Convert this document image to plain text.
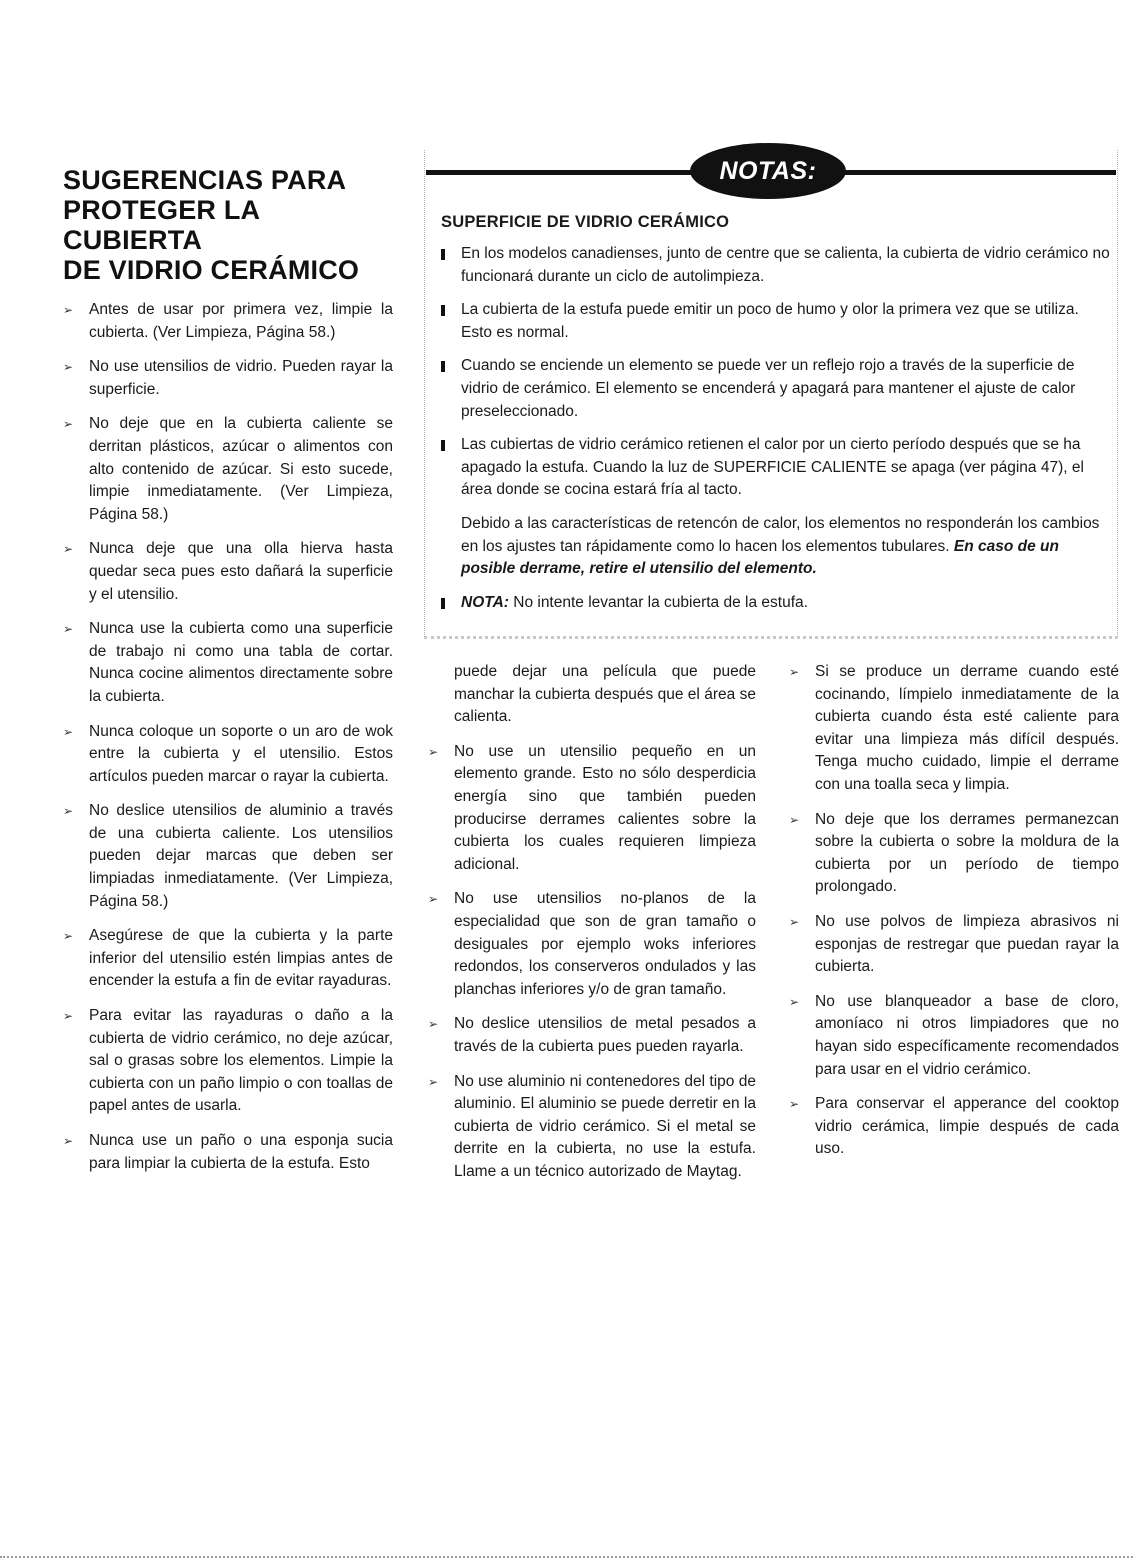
SUGERENCIAS PARA
PROTEGER LA CUBIERTA
DE VIDRIO CERÁMICO
➢ Antes de usar por primera vez, limpie la cubierta. (Ver Limpieza, Página 58.)
➢ No use utensilios de vidrio. Pueden rayar la superficie.
➢ No deje que en la cubierta caliente se derritan plásticos, azúcar o alimentos con alto contenido de azúcar. Si esto sucede, limpie inmediatamente. (Ver Limpieza, Página 58.)
➢ Nunca deje que una olla hierva hasta quedar seca pues esto dañará la superficie y el utensilio.
➢ Nunca use la cubierta como una superficie de trabajo ni como una tabla de cortar. Nunca cocine alimentos directamente sobre la cubierta.
➢ Nunca coloque un soporte o un aro de wok entre la cubierta y el utensilio. Estos artículos pueden marcar o rayar la cubierta.
➢ No deslice utensilios de aluminio a través de una cubierta caliente. Los utensilios pueden dejar marcas que deben ser limpiadas inmediatamente. (Ver Limpieza, Página 58.)
➢ Asegúrese de que la cubierta y la parte inferior del utensilio estén limpias antes de encender la estufa a fin de evitar rayaduras.
➢ Para evitar las rayaduras o daño a la cubierta de vidrio cerámico, no deje azúcar, sal o grasas sobre los elementos. Limpie la cubierta con un paño limpio o con toallas de papel antes de usarla.
➢ Nunca use un paño o una esponja sucia para limpiar la cubierta de la estufa. Esto
NOTAS:
SUPERFICIE DE VIDRIO CERÁMICO
En los modelos canadienses, junto de centre que se calienta, la cubierta de vidrio cerámico no funcionará durante un ciclo de autolimpieza.
La cubierta de la estufa puede emitir un poco de humo y olor la primera vez que se utiliza. Esto es normal.
Cuando se enciende un elemento se puede ver un reflejo rojo a través de la superficie de vidrio de cerámico. El elemento se encenderá y apagará para mantener el ajuste de calor preseleccionado.
Las cubiertas de vidrio cerámico retienen el calor por un cierto período después que se ha apagado la estufa. Cuando la luz de SUPERFICIE CALIENTE se apaga (ver página 47), el área donde se cocina estará fría al tacto.
Debido a las características de retencón de calor, los elementos no responderán los cambios en los ajustes tan rápidamente como lo hacen los elementos tubulares. En caso de un posible derrame, retire el utensilio del elemento.
NOTA: No intente levantar la cubierta de la estufa.
puede dejar una película que puede manchar la cubierta después que el área se calienta.
➢ No use un utensilio pequeño en un elemento grande. Esto no sólo desperdicia energía sino que también pueden producirse derrames calientes sobre la cubierta los cuales requieren limpieza adicional.
➢ No use utensilios no-planos de la especialidad que son de gran tamaño o desiguales por ejemplo woks inferiores redondos, los conserveros ondulados y las planchas inferiores y/o de gran tamaño.
➢ No deslice utensilios de metal pesados a través de la cubierta pues pueden rayarla.
➢ No use aluminio ni contenedores del tipo de aluminio. El aluminio se puede derretir en la cubierta de vidrio cerámico. Si el metal se derrite en la cubierta, no use la estufa. Llame a un técnico autorizado de Maytag.
➢ Si se produce un derrame cuando esté cocinando, límpielo inmediatamente de la cubierta cuando ésta esté caliente para evitar una limpieza más difícil después. Tenga mucho cuidado, limpie el derrame con una toalla seca y limpia.
➢ No deje que los derrames permanezcan sobre la cubierta o sobre la moldura de la cubierta por un período de tiempo prolongado.
➢ No use polvos de limpieza abrasivos ni esponjas de restregar que puedan rayar la cubierta.
➢ No use blanqueador a base de cloro, amoníaco ni otros limpiadores que no hayan sido específicamente recomendados para usar en el vidrio cerámico.
➢ Para conservar el apperance del cooktop vidrio cerámica, limpie después de cada uso.
